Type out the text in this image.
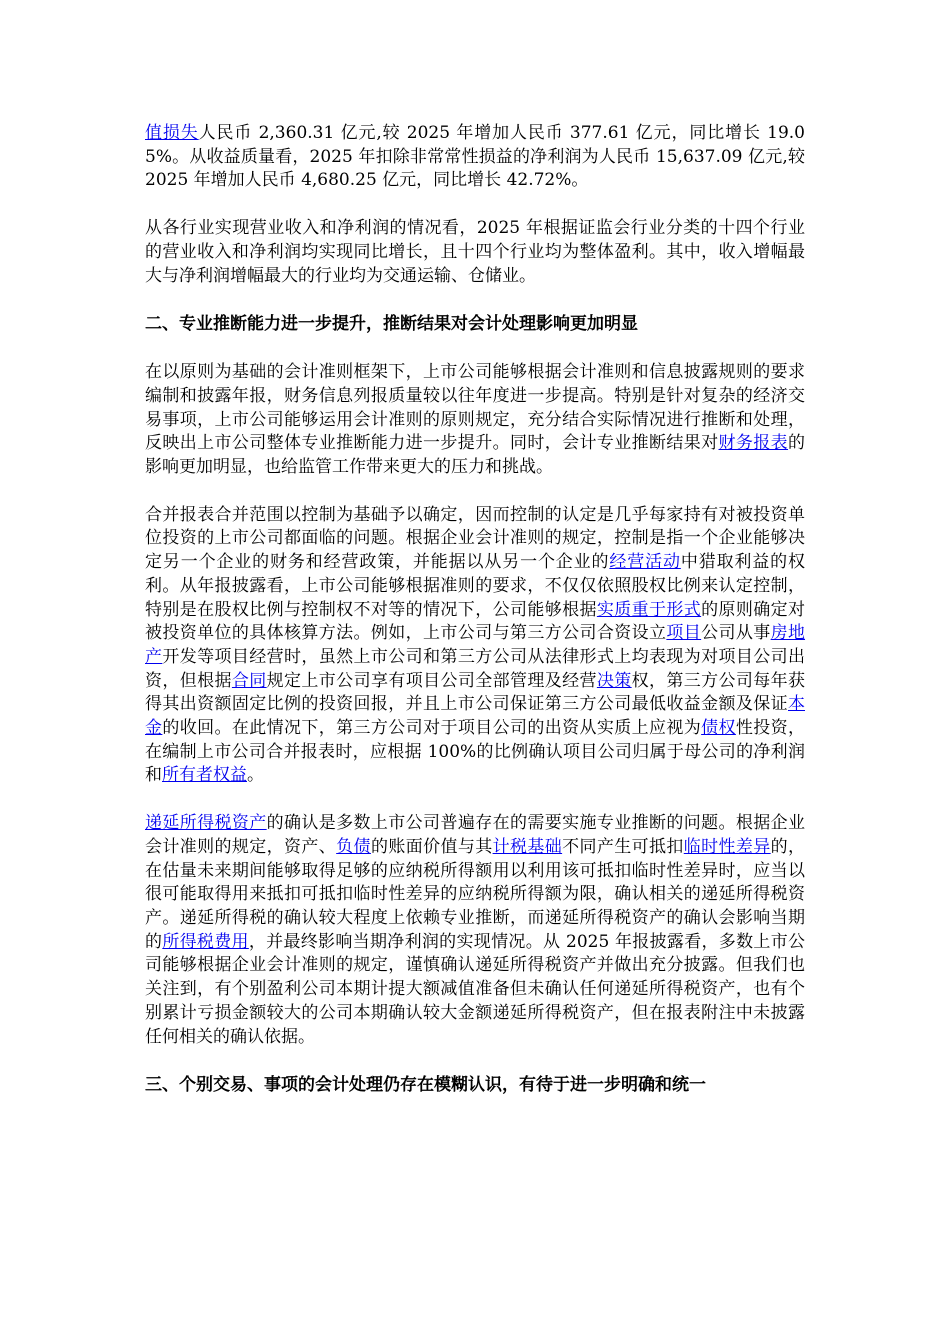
值损失人民币 2,360.31 亿元,较 2025 年增加人民币 377.61 亿元，同比增长 19.05%。从收益质量看，2025 年扣除非常常性损益的净利润为人民币 15,637.09 亿元,较 2025 年增加人民币 4,680.25 亿元，同比增长 42.72%。

从各行业实现营业收入和净利润的情况看，2025 年根据证监会行业分类的十四个行业的营业收入和净利润均实现同比增长，且十四个行业均为整体盈利。其中，收入增幅最大与净利润增幅最大的行业均为交通运输、仓储业。

二、专业推断能力进一步提升，推断结果对会计处理影响更加明显

在以原则为基础的会计准则框架下，上市公司能够根据会计准则和信息披露规则的要求编制和披露年报，财务信息列报质量较以往年度进一步提高。特别是针对复杂的经济交易事项，上市公司能够运用会计准则的原则规定，充分结合实际情况进行推断和处理，反映出上市公司整体专业推断能力进一步提升。同时，会计专业推断结果对财务报表的影响更加明显，也给监管工作带来更大的压力和挑战。

合并报表合并范围以控制为基础予以确定，因而控制的认定是几乎每家持有对被投资单位投资的上市公司都面临的问题。根据企业会计准则的规定，控制是指一个企业能够决定另一个企业的财务和经营政策，并能据以从另一个企业的经营活动中猎取利益的权利。从年报披露看，上市公司能够根据准则的要求，不仅仅依照股权比例来认定控制，特别是在股权比例与控制权不对等的情况下，公司能够根据实质重于形式的原则确定对被投资单位的具体核算方法。例如，上市公司与第三方公司合资设立项目公司从事房地产开发等项目经营时，虽然上市公司和第三方公司从法律形式上均表现为对项目公司出资，但根据合同规定上市公司享有项目公司全部管理及经营决策权，第三方公司每年获得其出资额固定比例的投资回报，并且上市公司保证第三方公司最低收益金额及保证本金的收回。在此情况下，第三方公司对于项目公司的出资从实质上应视为债权性投资，在编制上市公司合并报表时，应根据 100%的比例确认项目公司归属于母公司的净利润和所有者权益。

递延所得税资产的确认是多数上市公司普遍存在的需要实施专业推断的问题。根据企业会计准则的规定，资产、负债的账面价值与其计税基础不同产生可抵扣临时性差异的，在估量未来期间能够取得足够的应纳税所得额用以利用该可抵扣临时性差异时，应当以很可能取得用来抵扣可抵扣临时性差异的应纳税所得额为限，确认相关的递延所得税资产。递延所得税的确认较大程度上依赖专业推断，而递延所得税资产的确认会影响当期的所得税费用，并最终影响当期净利润的实现情况。从 2025 年报披露看，多数上市公司能够根据企业会计准则的规定，谨慎确认递延所得税资产并做出充分披露。但我们也关注到，有个别盈利公司本期计提大额减值准备但未确认任何递延所得税资产，也有个别累计亏损金额较大的公司本期确认较大金额递延所得税资产，但在报表附注中未披露任何相关的确认依据。

三、个别交易、事项的会计处理仍存在模糊认识，有待于进一步明确和统一
